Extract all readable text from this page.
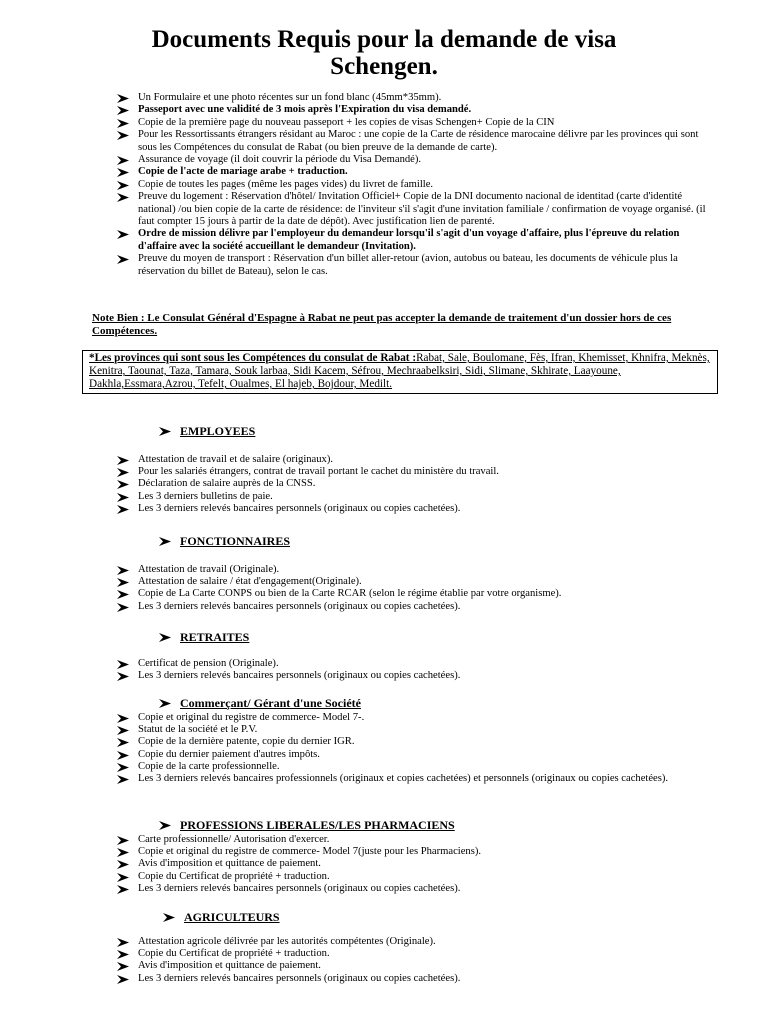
Documents Requis pour la demande de visa
Schengen.
Un Formulaire et une photo récentes sur un fond blanc (45mm*35mm).
Passeport avec une validité de 3 mois après l'Expiration du visa demandé.
Copie de la première page du nouveau passeport + les copies de visas Schengen+ Copie de la CIN
Pour les Ressortissants étrangers résidant au Maroc : une copie de la Carte de résidence marocaine délivre par les provinces qui sont sous les Compétences du consulat de Rabat (ou bien preuve de la demande de carte).
Assurance de voyage (il doit couvrir la période du Visa Demandé).
Copie de l'acte de mariage arabe + traduction.
Copie de toutes les pages (même les pages vides) du livret de famille.
Preuve du logement : Réservation d'hôtel/ Invitation Officiel+ Copie de la DNI documento nacional de identitad (carte d'identité national) /ou bien copie de la carte de résidence: de l'inviteur s'il s'agit d'une invitation familiale / confirmation de voyage organisé. (il faut compter 15 jours à partir de la date de dépôt). Avec justification lien de parenté.
Ordre de mission délivre par l'employeur du demandeur lorsqu'il s'agit d'un voyage d'affaire, plus l'épreuve du relation d'affaire avec la société accueillant le demandeur (Invitation).
Preuve du moyen de transport : Réservation d'un billet aller-retour (avion, autobus ou bateau, les documents de véhicule plus la réservation du billet de Bateau), selon le cas.
Note Bien : Le Consulat Général d'Espagne à Rabat ne peut pas accepter la demande de traitement d'un dossier hors de ces Compétences.
*Les provinces qui sont sous les Compétences du consulat de Rabat :Rabat, Sale, Boulomane, Fès, Ifran, Khemisset, Khnifra, Meknès, Kenitra, Taounat, Taza, Tamara, Souk larbaa, Sidi Kacem, Séfrou, Mechraabelksiri, Sidi, Slimane, Skhirate, Laayoune, Dakhla,Essmara,Azrou, Tefelt, Oualmes, El hajeb, Bojdour, Medilt.
EMPLOYEES
Attestation de travail et de salaire (originaux).
Pour les salariés étrangers, contrat de travail portant le cachet du ministère du travail.
Déclaration de salaire auprès de la CNSS.
Les 3 derniers bulletins de paie.
Les 3 derniers relevés bancaires personnels (originaux ou copies cachetées).
FONCTIONNAIRES
Attestation de travail (Originale).
Attestation de salaire / état d'engagement(Originale).
Copie de La Carte CONPS ou bien de la Carte RCAR (selon le régime établie par votre organisme).
Les 3 derniers relevés bancaires personnels (originaux ou copies cachetées).
RETRAITES
Certificat de pension (Originale).
Les 3 derniers relevés bancaires personnels (originaux ou copies cachetées).
Commerçant/ Gérant d'une Société
Copie et original du registre de commerce- Model 7-.
Statut de la société et le P.V.
Copie de la dernière patente, copie du dernier IGR.
Copie du dernier paiement d'autres impôts.
Copie de la carte professionnelle.
Les 3 derniers relevés bancaires professionnels (originaux et copies cachetées) et personnels (originaux ou copies cachetées).
PROFESSIONS LIBERALES/LES PHARMACIENS
Carte professionnelle/ Autorisation d'exercer.
Copie et original du registre de commerce- Model 7(juste pour les Pharmaciens).
Avis d'imposition et quittance de paiement.
Copie du Certificat de propriété + traduction.
Les 3 derniers relevés bancaires personnels (originaux ou copies cachetées).
AGRICULTEURS
Attestation agricole délivrée par les autorités compétentes (Originale).
Copie du Certificat de propriété + traduction.
Avis d'imposition et quittance de paiement.
Les 3 derniers relevés bancaires personnels (originaux ou copies cachetées).
